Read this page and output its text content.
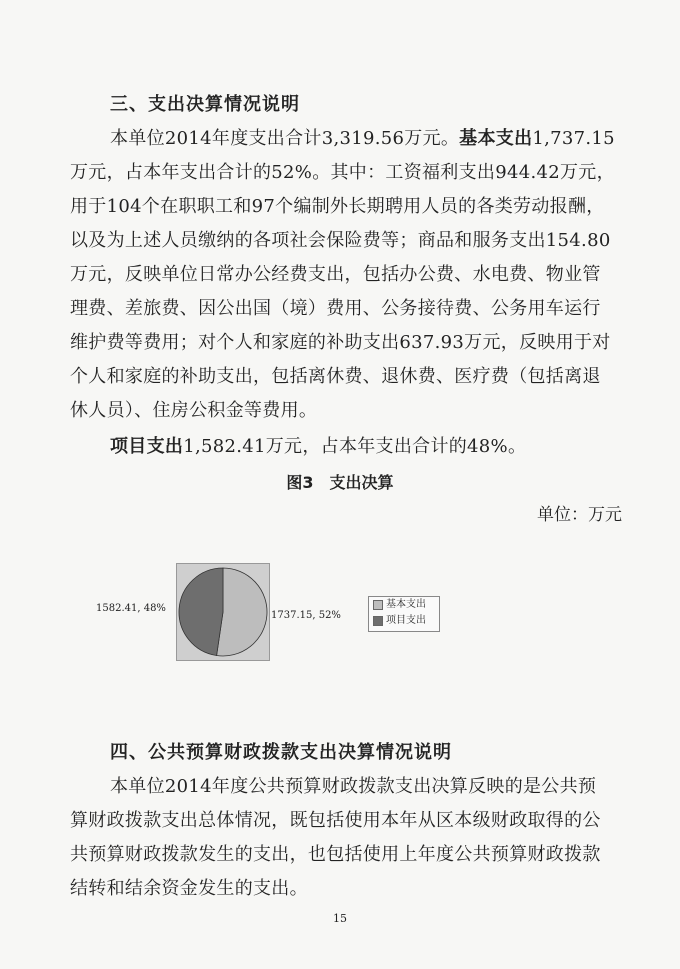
三、支出决算情况说明
本单位2014年度支出合计3,319.56万元。基本支出1,737.15
万元，占本年支出合计的52%。其中：工资福利支出944.42万元，
用于104个在职职工和97个编制外长期聘用人员的各类劳动报酬，
以及为上述人员缴纳的各项社会保险费等；商品和服务支出154.80
万元，反映单位日常办公经费支出，包括办公费、水电费、物业管
理费、差旅费、因公出国（境）费用、公务接待费、公务用车运行
维护费等费用；对个人和家庭的补助支出637.93万元，反映用于对
个人和家庭的补助支出，包括离休费、退休费、医疗费（包括离退
休人员）、住房公积金等费用。
项目支出1,582.41万元，占本年支出合计的48%。
图3　支出决算
单位：万元
1582.41, 48%
1737.15, 52%
基本支出
项目支出
四、公共预算财政拨款支出决算情况说明
本单位2014年度公共预算财政拨款支出决算反映的是公共预
算财政拨款支出总体情况，既包括使用本年从区本级财政取得的公
共预算财政拨款发生的支出，也包括使用上年度公共预算财政拨款
结转和结余资金发生的支出。
15
